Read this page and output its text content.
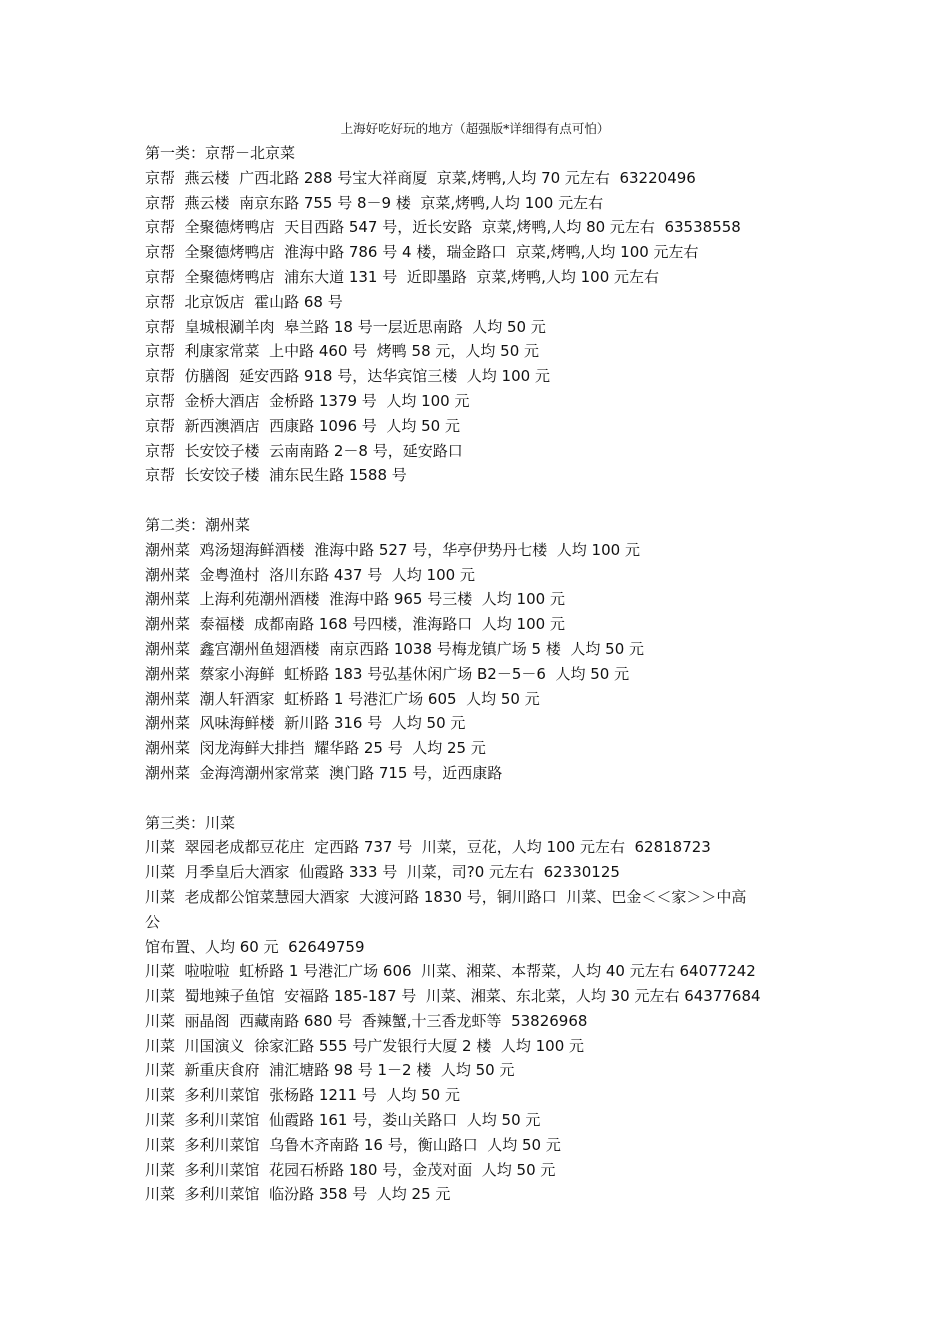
上海好吃好玩的地方（超强版*详细得有点可怕）
第一类：京帮－北京菜
京帮  燕云楼  广西北路 288 号宝大祥商厦  京菜,烤鸭,人均 70 元左右  63220496
京帮  燕云楼  南京东路 755 号 8－9 楼  京菜,烤鸭,人均 100 元左右
京帮  全聚德烤鸭店  天目西路 547 号，近长安路  京菜,烤鸭,人均 80 元左右  63538558
京帮  全聚德烤鸭店  淮海中路 786 号 4 楼，瑞金路口  京菜,烤鸭,人均 100 元左右
京帮  全聚德烤鸭店  浦东大道 131 号  近即墨路  京菜,烤鸭,人均 100 元左右
京帮  北京饭店  霍山路 68 号
京帮  皇城根涮羊肉  皋兰路 18 号一层近思南路  人均 50 元
京帮  利康家常菜  上中路 460 号  烤鸭 58 元，人均 50 元
京帮  仿膳阁  延安西路 918 号，达华宾馆三楼  人均 100 元
京帮  金桥大酒店  金桥路 1379 号  人均 100 元
京帮  新西澳酒店  西康路 1096 号  人均 50 元
京帮  长安饺子楼  云南南路 2－8 号，延安路口
京帮  长安饺子楼  浦东民生路 1588 号
第二类：潮州菜
潮州菜  鸡汤翅海鲜酒楼  淮海中路 527 号，华亭伊势丹七楼  人均 100 元
潮州菜  金粤渔村  洛川东路 437 号  人均 100 元
潮州菜  上海利苑潮州酒楼  淮海中路 965 号三楼  人均 100 元
潮州菜  泰福楼  成都南路 168 号四楼，淮海路口  人均 100 元
潮州菜  鑫宫潮州鱼翅酒楼  南京西路 1038 号梅龙镇广场 5 楼  人均 50 元
潮州菜  蔡家小海鲜  虹桥路 183 号弘基休闲广场 B2－5－6  人均 50 元
潮州菜  潮人轩酒家  虹桥路 1 号港汇广场 605  人均 50 元
潮州菜  风味海鲜楼  新川路 316 号  人均 50 元
潮州菜  闵龙海鲜大排挡  耀华路 25 号  人均 25 元
潮州菜  金海湾潮州家常菜  澳门路 715 号，近西康路
第三类：川菜
川菜  翠园老成都豆花庄  定西路 737 号  川菜，豆花，人均 100 元左右  62818723
川菜  月季皇后大酒家  仙霞路 333 号  川菜，司?0 元左右  62330125
川菜  老成都公馆菜慧园大酒家  大渡河路 1830 号，铜川路口  川菜、巴金＜＜家＞＞中高
公
馆布置、人均 60 元  62649759
川菜  啦啦啦  虹桥路 1 号港汇广场 606  川菜、湘菜、本帮菜，人均 40 元左右 64077242
川菜  蜀地辣子鱼馆  安福路 185-187 号  川菜、湘菜、东北菜，人均 30 元左右 64377684
川菜  丽晶阁  西藏南路 680 号  香辣蟹,十三香龙虾等  53826968
川菜  川国演义  徐家汇路 555 号广发银行大厦 2 楼  人均 100 元
川菜  新重庆食府  浦汇塘路 98 号 1－2 楼  人均 50 元
川菜  多利川菜馆  张杨路 1211 号  人均 50 元
川菜  多利川菜馆  仙霞路 161 号，娄山关路口  人均 50 元
川菜  多利川菜馆  乌鲁木齐南路 16 号，衡山路口  人均 50 元
川菜  多利川菜馆  花园石桥路 180 号，金茂对面  人均 50 元
川菜  多利川菜馆  临汾路 358 号  人均 25 元
